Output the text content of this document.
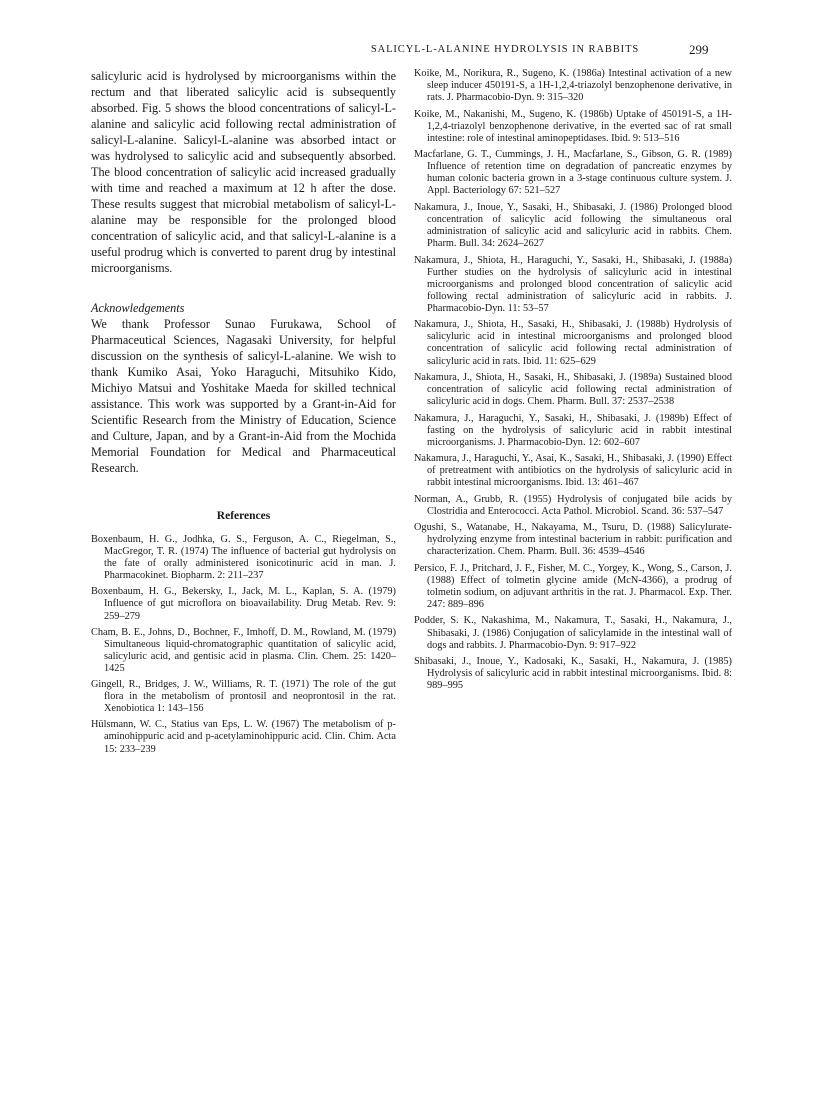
SALICYL-L-ALANINE HYDROLYSIS IN RABBITS	299

salicyluric acid is hydrolysed by microorganisms within the rectum and that liberated salicylic acid is subsequently absorbed. Fig. 5 shows the blood concentrations of salicyl-L-alanine and salicylic acid following rectal administration of salicyl-L-alanine. Salicyl-L-alanine was absorbed intact or was hydrolysed to salicylic acid and subsequently absorbed. The blood concentration of salicylic acid increased gradually with time and reached a maximum at 12 h after the dose. These results suggest that microbial metabolism of salicyl-L-alanine may be responsible for the prolonged blood concentration of salicylic acid, and that salicyl-L-alanine is a useful prodrug which is converted to parent drug by intestinal microorganisms.

Acknowledgements

We thank Professor Sunao Furukawa, School of Pharmaceutical Sciences, Nagasaki University, for helpful discussion on the synthesis of salicyl-L-alanine. We wish to thank Kumiko Asai, Yoko Haraguchi, Mitsuhiko Kido, Michiyo Matsui and Yoshitake Maeda for skilled technical assistance. This work was supported by a Grant-in-Aid for Scientific Research from the Ministry of Education, Science and Culture, Japan, and by a Grant-in-Aid from the Mochida Memorial Foundation for Medical and Pharmaceutical Research.

References

Boxenbaum, H. G., Jodhka, G. S., Ferguson, A. C., Riegelman, S., MacGregor, T. R. (1974) The influence of bacterial gut hydrolysis on the fate of orally administered isonicotinuric acid in man. J. Pharmacokinet. Biopharm. 2: 211–237

Boxenbaum, H. G., Bekersky, I., Jack, M. L., Kaplan, S. A. (1979) Influence of gut microflora on bioavailability. Drug Metab. Rev. 9: 259–279

Cham, B. E., Johns, D., Bochner, F., Imhoff, D. M., Rowland, M. (1979) Simultaneous liquid-chromatographic quantitation of salicylic acid, salicyluric acid, and gentisic acid in plasma. Clin. Chem. 25: 1420–1425

Gingell, R., Bridges, J. W., Williams, R. T. (1971) The role of the gut flora in the metabolism of prontosil and neoprontosil in the rat. Xenobiotica 1: 143–156

Hülsmann, W. C., Statius van Eps, L. W. (1967) The metabolism of p-aminohippuric acid and p-acetylaminohippuric acid. Clin. Chim. Acta 15: 233–239

Koike, M., Norikura, R., Sugeno, K. (1986a) Intestinal activation of a new sleep inducer 450191-S, a 1H-1,2,4-triazolyl benzophenone derivative, in rats. J. Pharmacobio-Dyn. 9: 315–320

Koike, M., Nakanishi, M., Sugeno, K. (1986b) Uptake of 450191-S, a 1H-1,2,4-triazolyl benzophenone derivative, in the everted sac of rat small intestine: role of intestinal aminopeptidases. Ibid. 9: 513–516

Macfarlane, G. T., Cummings, J. H., Macfarlane, S., Gibson, G. R. (1989) Influence of retention time on degradation of pancreatic enzymes by human colonic bacteria grown in a 3-stage continuous culture system. J. Appl. Bacteriology 67: 521–527

Nakamura, J., Inoue, Y., Sasaki, H., Shibasaki, J. (1986) Prolonged blood concentration of salicylic acid following the simultaneous oral administration of salicylic acid and salicyluric acid in rabbits. Chem. Pharm. Bull. 34: 2624–2627

Nakamura, J., Shiota, H., Haraguchi, Y., Sasaki, H., Shibasaki, J. (1988a) Further studies on the hydrolysis of salicyluric acid in intestinal microorganisms and prolonged blood concentration of salicylic acid following rectal administration of salicyluric acid in rabbits. J. Pharmacobio-Dyn. 11: 53–57

Nakamura, J., Shiota, H., Sasaki, H., Shibasaki, J. (1988b) Hydrolysis of salicyluric acid in intestinal microorganisms and prolonged blood concentration of salicylic acid following rectal administration of salicyluric acid in rats. Ibid. 11: 625–629

Nakamura, J., Shiota, H., Sasaki, H., Shibasaki, J. (1989a) Sustained blood concentration of salicylic acid following rectal administration of salicyluric acid in dogs. Chem. Pharm. Bull. 37: 2537–2538

Nakamura, J., Haraguchi, Y., Sasaki, H., Shibasaki, J. (1989b) Effect of fasting on the hydrolysis of salicyluric acid in rabbit intestinal microorganisms. J. Pharmacobio-Dyn. 12: 602–607

Nakamura, J., Haraguchi, Y., Asai, K., Sasaki, H., Shibasaki, J. (1990) Effect of pretreatment with antibiotics on the hydrolysis of salicyluric acid in rabbit intestinal microorganisms. Ibid. 13: 461–467

Norman, A., Grubb, R. (1955) Hydrolysis of conjugated bile acids by Clostridia and Enterococci. Acta Pathol. Microbiol. Scand. 36: 537–547

Ogushi, S., Watanabe, H., Nakayama, M., Tsuru, D. (1988) Salicylurate-hydrolyzing enzyme from intestinal bacterium in rabbit: purification and characterization. Chem. Pharm. Bull. 36: 4539–4546

Persico, F. J., Pritchard, J. F., Fisher, M. C., Yorgey, K., Wong, S., Carson, J. (1988) Effect of tolmetin glycine amide (McN-4366), a prodrug of tolmetin sodium, on adjuvant arthritis in the rat. J. Pharmacol. Exp. Ther. 247: 889–896

Podder, S. K., Nakashima, M., Nakamura, T., Sasaki, H., Nakamura, J., Shibasaki, J. (1986) Conjugation of salicylamide in the intestinal wall of dogs and rabbits. J. Pharmacobio-Dyn. 9: 917–922

Shibasaki, J., Inoue, Y., Kadosaki, K., Sasaki, H., Nakamura, J. (1985) Hydrolysis of salicyluric acid in rabbit intestinal microorganisms. Ibid. 8: 989–995
